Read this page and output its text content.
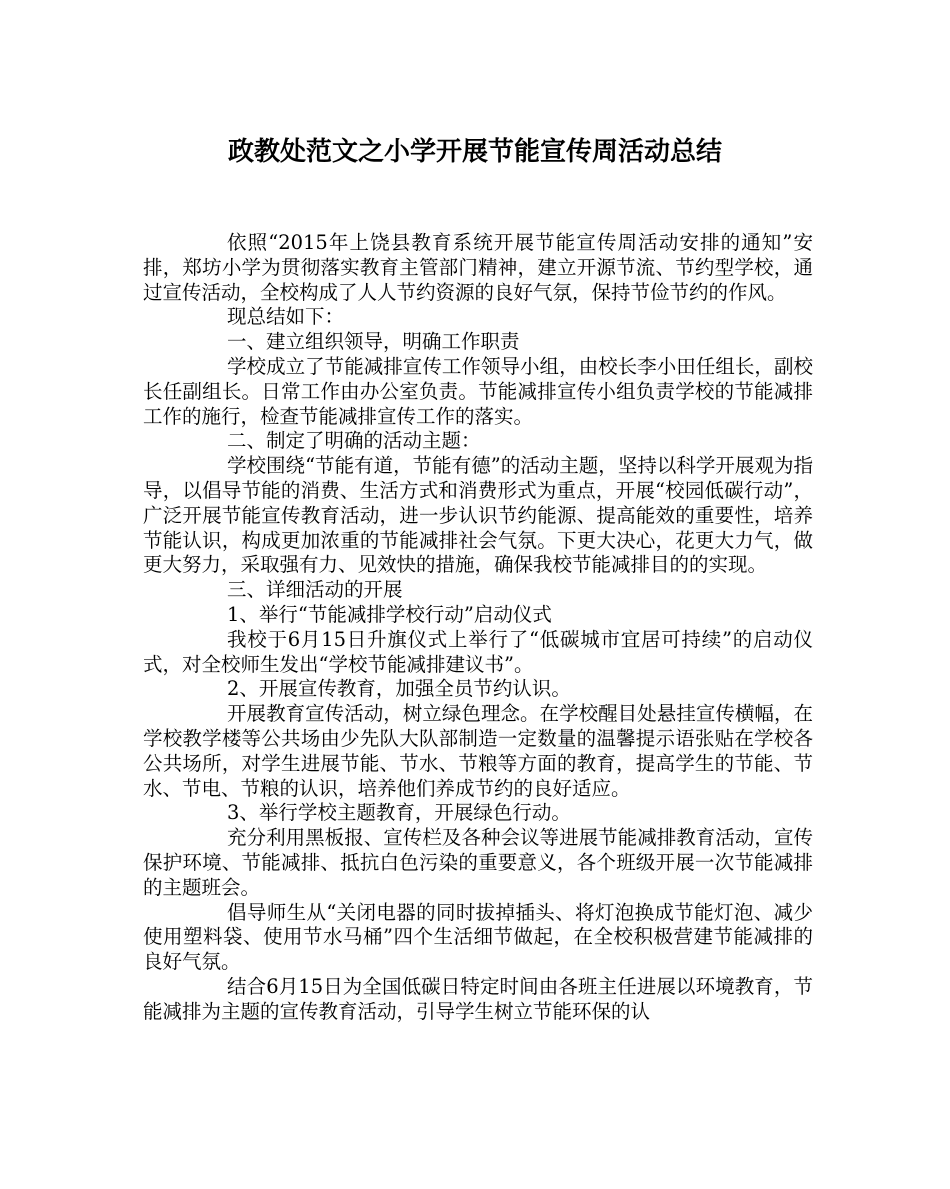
政教处范文之小学开展节能宣传周活动总结

依照“2015年上饶县教育系统开展节能宣传周活动安排的通知”安排，郑坊小学为贯彻落实教育主管部门精神，建立开源节流、节约型学校，通过宣传活动，全校构成了人人节约资源的良好气氛，保持节俭节约的作风。

现总结如下：

一、建立组织领导，明确工作职责

学校成立了节能减排宣传工作领导小组，由校长李小田任组长，副校长任副组长。日常工作由办公室负责。节能减排宣传小组负责学校的节能减排工作的施行，检查节能减排宣传工作的落实。

二、制定了明确的活动主题：

学校围绕“节能有道，节能有德”的活动主题，坚持以科学开展观为指导，以倡导节能的消费、生活方式和消费形式为重点，开展“校园低碳行动”，广泛开展节能宣传教育活动，进一步认识节约能源、提高能效的重要性，培养节能认识，构成更加浓重的节能减排社会气氛。下更大决心，花更大力气，做更大努力，采取强有力、见效快的措施，确保我校节能减排目的的实现。

三、详细活动的开展

1、举行“节能减排学校行动”启动仪式

我校于6月15日升旗仪式上举行了“低碳城市宜居可持续”的启动仪式，对全校师生发出“学校节能减排建议书”。

2、开展宣传教育，加强全员节约认识。

开展教育宣传活动，树立绿色理念。在学校醒目处悬挂宣传横幅，在学校教学楼等公共场由少先队大队部制造一定数量的温馨提示语张贴在学校各公共场所，对学生进展节能、节水、节粮等方面的教育，提高学生的节能、节水、节电、节粮的认识，培养他们养成节约的良好适应。

3、举行学校主题教育，开展绿色行动。

充分利用黑板报、宣传栏及各种会议等进展节能减排教育活动，宣传保护环境、节能减排、抵抗白色污染的重要意义，各个班级开展一次节能减排的主题班会。

倡导师生从“关闭电器的同时拔掉插头、将灯泡换成节能灯泡、减少使用塑料袋、使用节水马桶”四个生活细节做起，在全校积极营建节能减排的良好气氛。

结合6月15日为全国低碳日特定时间由各班主任进展以环境教育，节能减排为主题的宣传教育活动，引导学生树立节能环保的认
